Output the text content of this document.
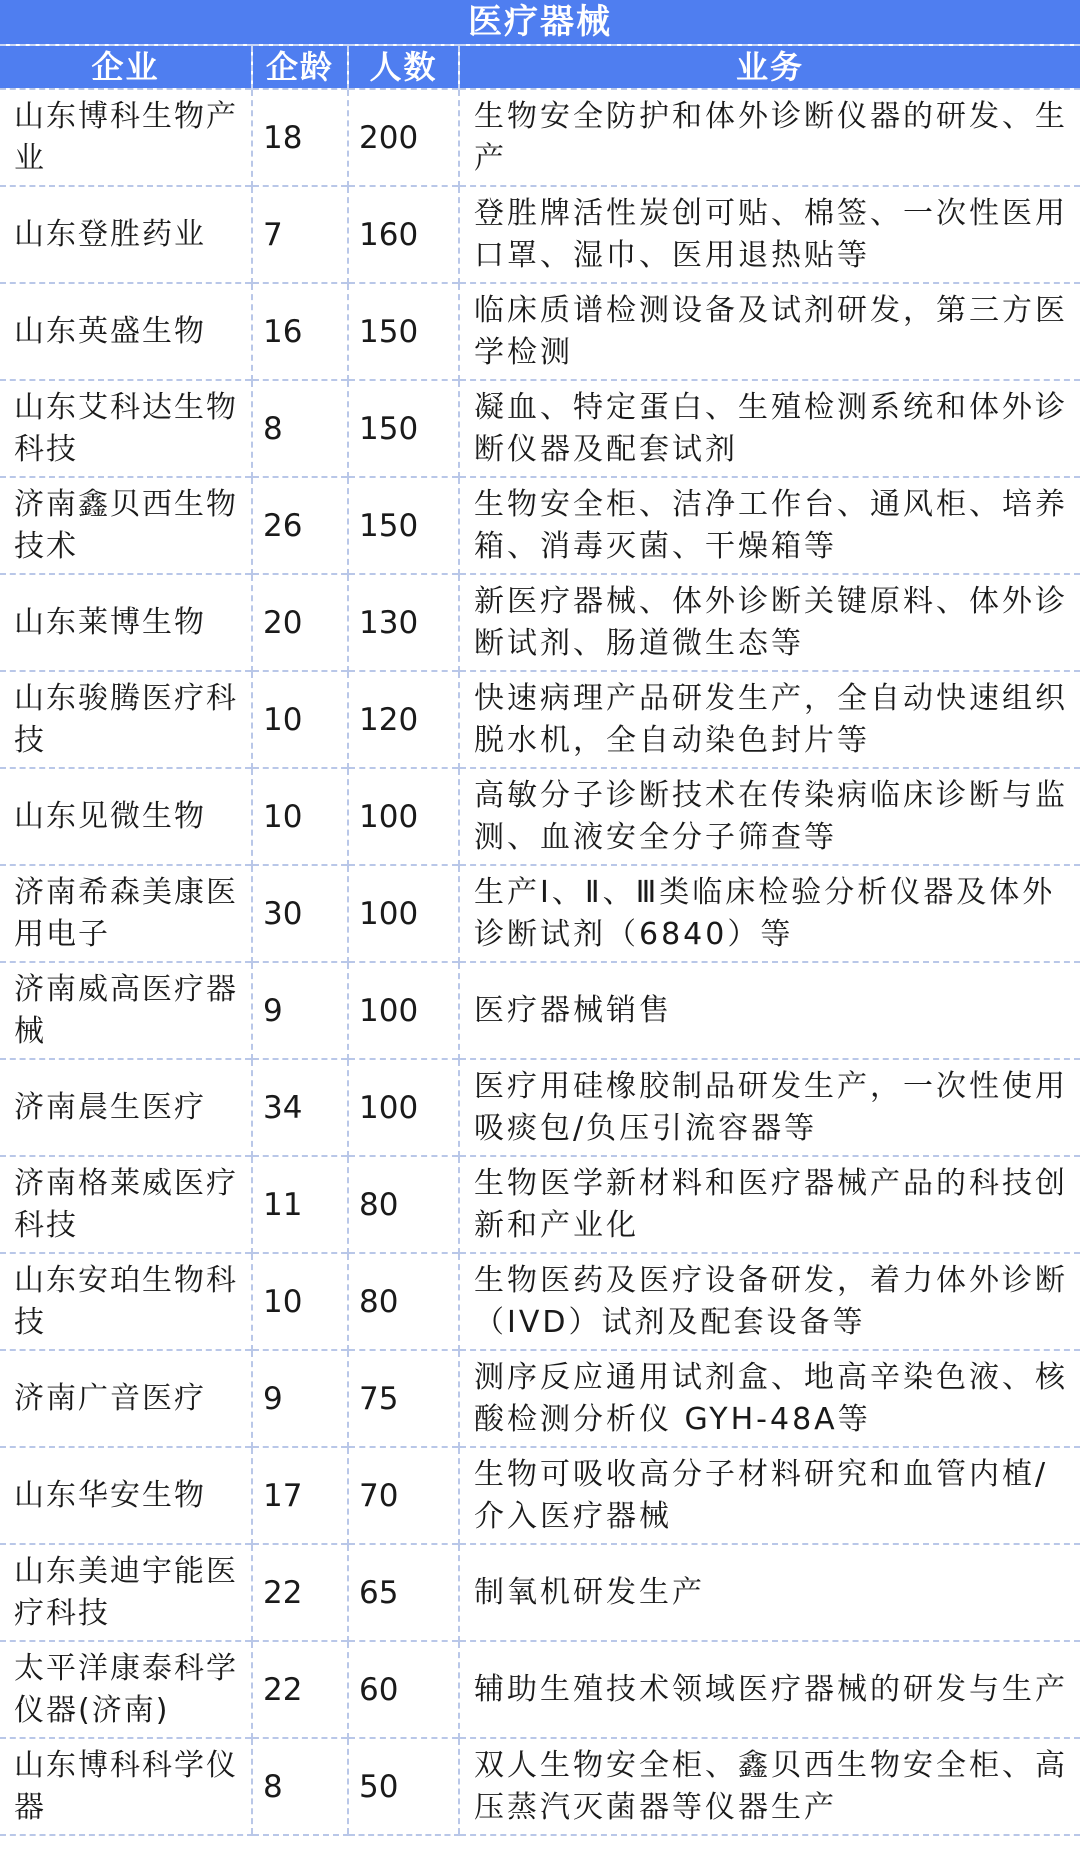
医疗器械
企业	企龄	人数	业务
山东博科生物产业	18	200	生物安全防护和体外诊断仪器的研发、生产
山东登胜药业	7	160	登胜牌活性炭创可贴、棉签、一次性医用口罩、湿巾、医用退热贴等
山东英盛生物	16	150	临床质谱检测设备及试剂研发，第三方医学检测
山东艾科达生物科技	8	150	凝血、特定蛋白、生殖检测系统和体外诊断仪器及配套试剂
济南鑫贝西生物技术	26	150	生物安全柜、洁净工作台、通风柜、培养箱、消毒灭菌、干燥箱等
山东莱博生物	20	130	新医疗器械、体外诊断关键原料、体外诊断试剂、肠道微生态等
山东骏腾医疗科技	10	120	快速病理产品研发生产，全自动快速组织脱水机，全自动染色封片等
山东见微生物	10	100	高敏分子诊断技术在传染病临床诊断与监测、血液安全分子筛查等
济南希森美康医用电子	30	100	生产Ⅰ、Ⅱ、Ⅲ类临床检验分析仪器及体外诊断试剂（6840）等
济南威高医疗器械	9	100	医疗器械销售
济南晨生医疗	34	100	医疗用硅橡胶制品研发生产，一次性使用吸痰包/负压引流容器等
济南格莱威医疗科技	11	80	生物医学新材料和医疗器械产品的科技创新和产业化
山东安珀生物科技	10	80	生物医药及医疗设备研发，着力体外诊断（IVD）试剂及配套设备等
济南广音医疗	9	75	测序反应通用试剂盒、地高辛染色液、核酸检测分析仪 GYH-48A等
山东华安生物	17	70	生物可吸收高分子材料研究和血管内植/介入医疗器械
山东美迪宇能医疗科技	22	65	制氧机研发生产
太平洋康泰科学仪器(济南)	22	60	辅助生殖技术领域医疗器械的研发与生产
山东博科科学仪器	8	50	双人生物安全柜、鑫贝西生物安全柜、高压蒸汽灭菌器等仪器生产
